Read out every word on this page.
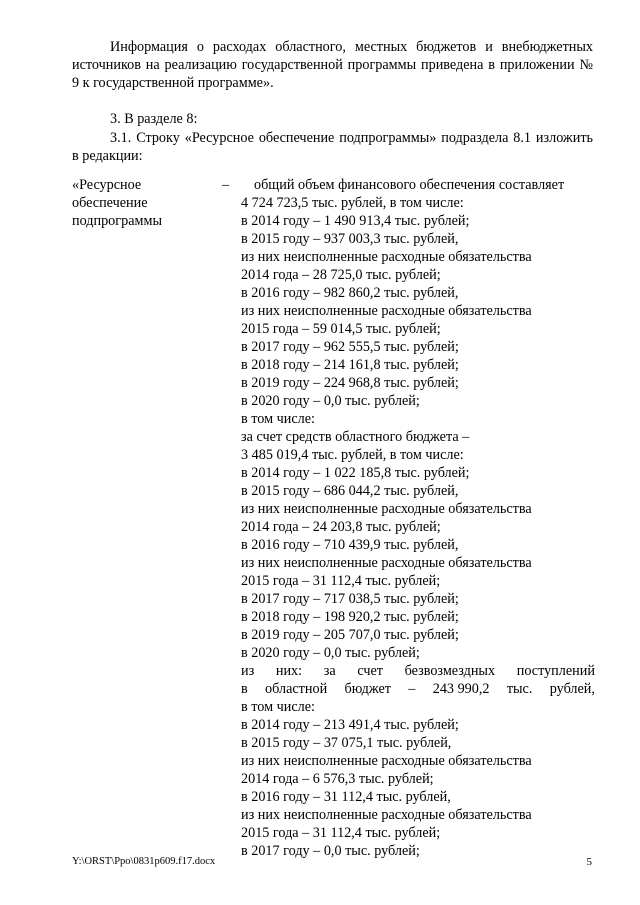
Информация о расходах областного, местных бюджетов и внебюджетных источников на реализацию государственной программы приведена в приложении № 9 к государственной программе».

3. В разделе 8:

3.1. Строку «Ресурсное обеспечение подпрограммы» подраздела 8.1 изложить в редакции:

«Ресурсное
обеспечение
подпрограммы
– общий объем финансового обеспечения составляет
4 724 723,5 тыс. рублей, в том числе:
в 2014 году – 1 490 913,4 тыс. рублей;
в 2015 году – 937 003,3 тыс. рублей,
из них неисполненные расходные обязательства
2014 года – 28 725,0 тыс. рублей;
в 2016 году – 982 860,2 тыс. рублей,
из них неисполненные расходные обязательства
2015 года – 59 014,5 тыс. рублей;
в 2017 году – 962 555,5 тыс. рублей;
в 2018 году – 214 161,8 тыс. рублей;
в 2019 году – 224 968,8 тыс. рублей;
в 2020 году – 0,0 тыс. рублей;
в том числе:
за счет средств областного бюджета –
3 485 019,4 тыс. рублей, в том числе:
в 2014 году – 1 022 185,8 тыс. рублей;
в 2015 году – 686 044,2 тыс. рублей,
из них неисполненные расходные обязательства
2014 года – 24 203,8 тыс. рублей;
в 2016 году – 710 439,9 тыс. рублей,
из них неисполненные расходные обязательства
2015 года – 31 112,4 тыс. рублей;
в 2017 году – 717 038,5 тыс. рублей;
в 2018 году – 198 920,2 тыс. рублей;
в 2019 году – 205 707,0 тыс. рублей;
в 2020 году – 0,0 тыс. рублей;
из них: за счет безвозмездных поступлений
в областной бюджет – 243 990,2 тыс. рублей,
в том числе:
в 2014 году – 213 491,4 тыс. рублей;
в 2015 году – 37 075,1 тыс. рублей,
из них неисполненные расходные обязательства
2014 года – 6 576,3 тыс. рублей;
в 2016 году – 31 112,4 тыс. рублей,
из них неисполненные расходные обязательства
2015 года – 31 112,4 тыс. рублей;
в 2017 году – 0,0 тыс. рублей;
Y:\ORST\Ppo\0831p609.f17.docx	5
